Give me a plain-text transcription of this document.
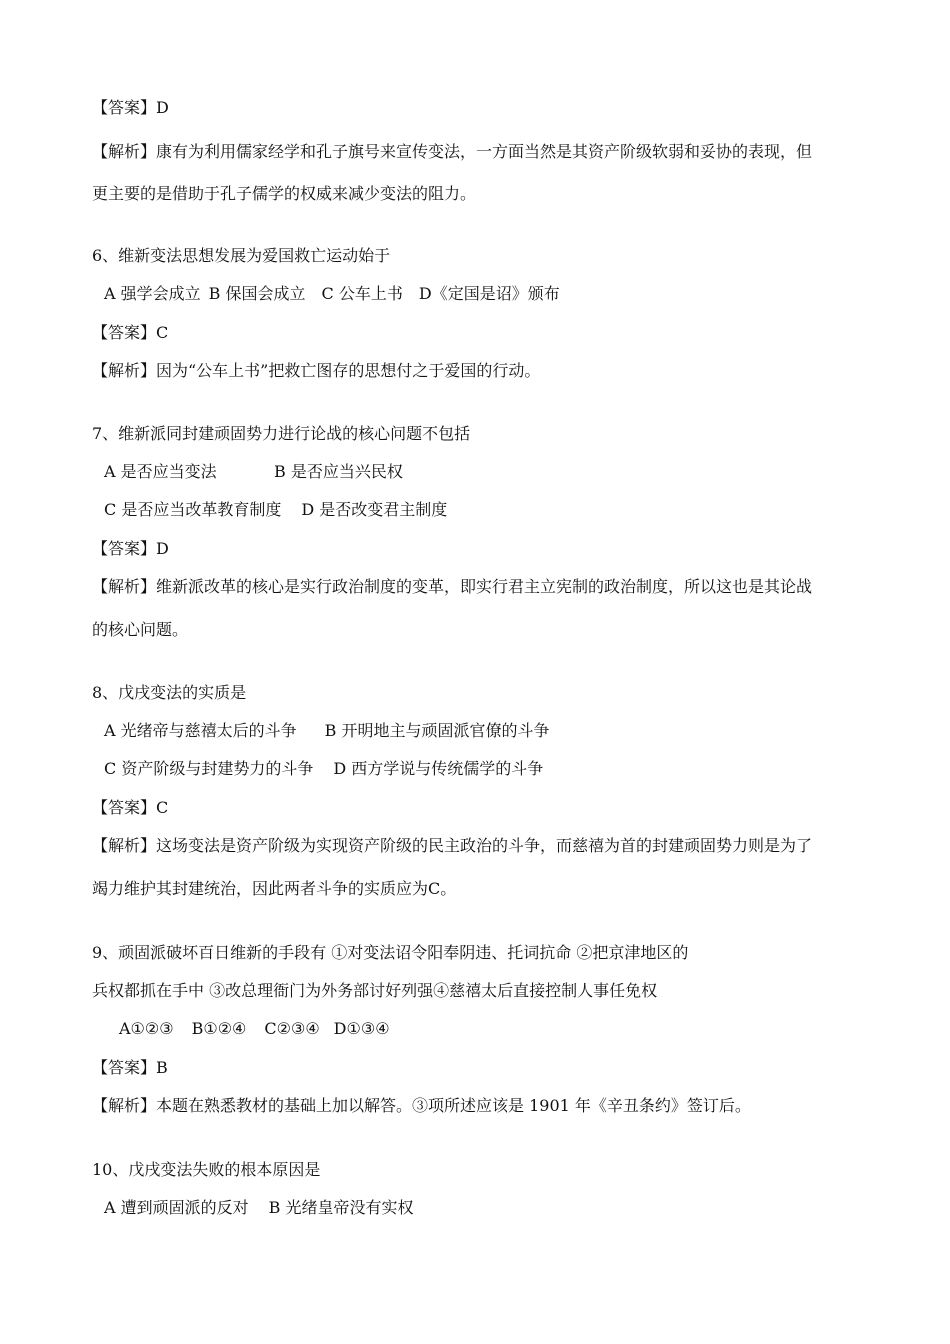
【答案】D
【解析】康有为利用儒家经学和孔子旗号来宣传变法，一方面当然是其资产阶级软弱和妥协的表现，但
更主要的是借助于孔子儒学的权威来减少变法的阻力。
6、维新变法思想发展为爱国救亡运动始于
A 强学会成立 B 保国会成立 C 公车上书 D《定国是诏》颁布
【答案】C
【解析】因为“公车上书”把救亡图存的思想付之于爱国的行动。
7、维新派同封建顽固势力进行论战的核心问题不包括
A 是否应当变法	B 是否应当兴民权
C 是否应当改革教育制度 D 是否改变君主制度
【答案】D
【解析】维新派改革的核心是实行政治制度的变革，即实行君主立宪制的政治制度，所以这也是其论战
的核心问题。
8、戊戌变法的实质是
A 光绪帝与慈禧太后的斗争 B 开明地主与顽固派官僚的斗争
C 资产阶级与封建势力的斗争 D 西方学说与传统儒学的斗争
【答案】C
【解析】这场变法是资产阶级为实现资产阶级的民主政治的斗争，而慈禧为首的封建顽固势力则是为了
竭力维护其封建统治，因此两者斗争的实质应为C。
9、顽固派破坏百日维新的手段有 ①对变法诏令阳奉阴违、托词抗命 ②把京津地区的
兵权都抓在手中 ③改总理衙门为外务部讨好列强④慈禧太后直接控制人事任免权
A①②③ B①②④ C②③④ D①③④
【答案】B
【解析】本题在熟悉教材的基础上加以解答。③项所述应该是 1901 年《辛丑条约》签订后。
10、戊戌变法失败的根本原因是
A 遭到顽固派的反对 B 光绪皇帝没有实权
